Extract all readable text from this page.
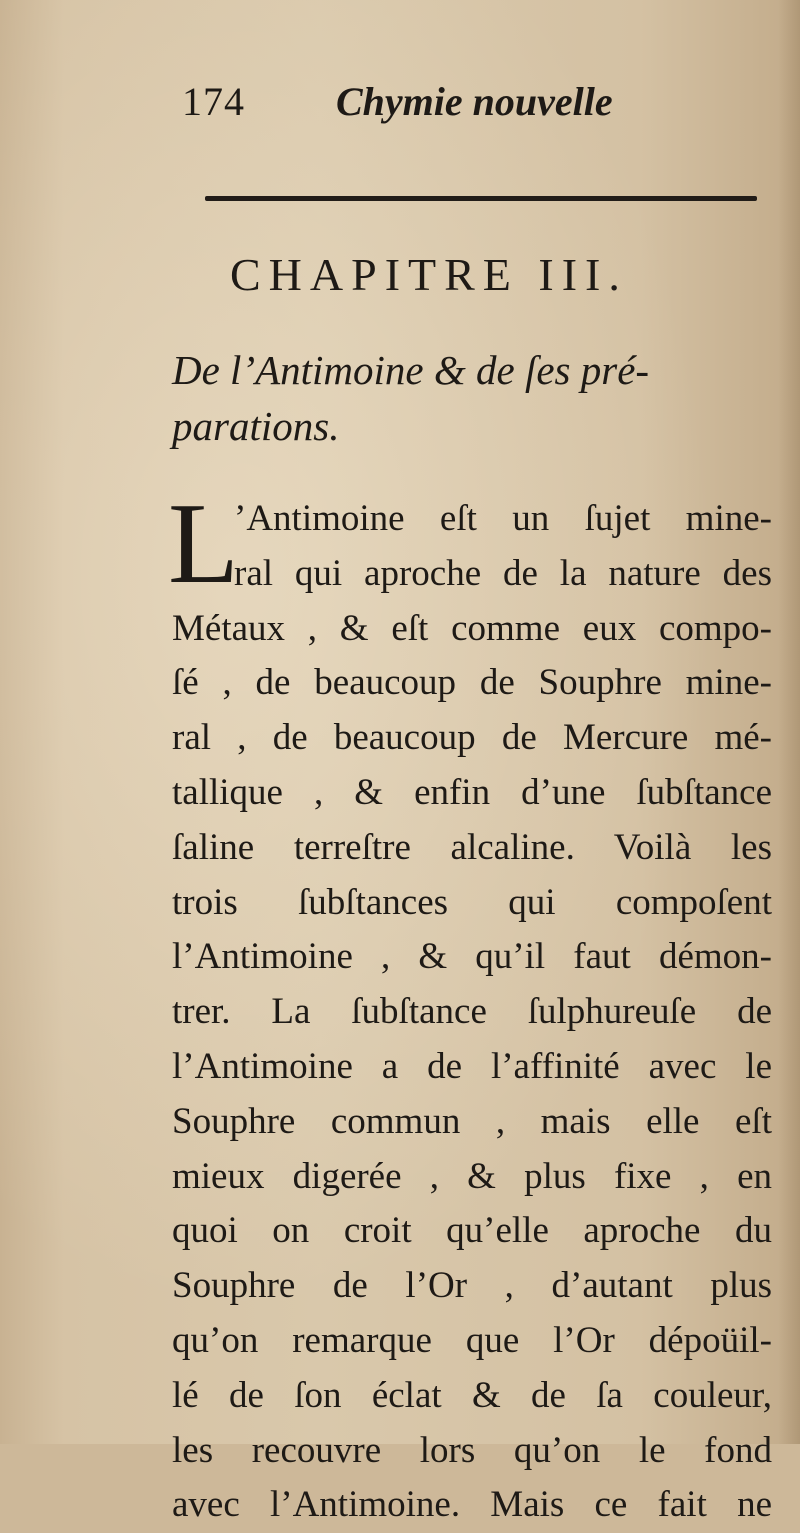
174 Chymie nouvelle
CHAPITRE III.
De l’Antimoine & de ſes pré-
parations.
L
’Antimoine eſt un ſujet mine-
ral qui aproche de la nature des
Métaux , & eſt comme eux compo-
ſé , de beaucoup de Souphre mine-
ral , de beaucoup de Mercure mé-
tallique , & enfin d’une ſubſtance
ſaline terreſtre alcaline. Voilà les
trois ſubſtances qui compoſent
l’Antimoine , & qu’il faut démon-
trer. La ſubſtance ſulphureuſe de
l’Antimoine a de l’affinité avec le
Souphre commun , mais elle eſt
mieux digerée , & plus fixe , en
quoi on croit qu’elle aproche du
Souphre de l’Or , d’autant plus
qu’on remarque que l’Or dépoüil-
lé de ſon éclat & de ſa couleur,
les recouvre lors qu’on le fond
avec l’Antimoine. Mais ce fait ne
